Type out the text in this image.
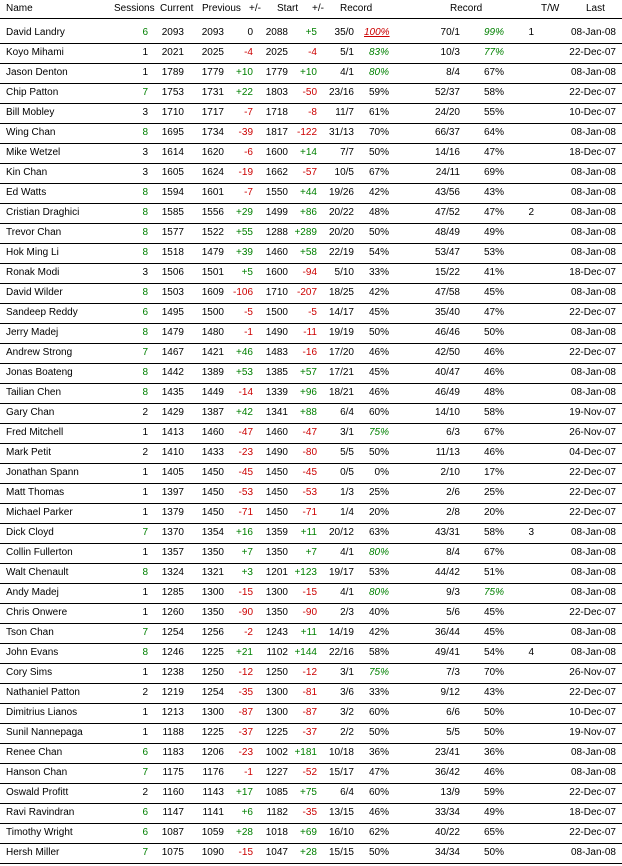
Name	Sessions Current Previous +/- Start +/- Record	Record	T/W	Last
David Landry	6	2093	2093	0	2088	+5	35/0 100%	70/1	99%	1	08-Jan-08
Koyo Mihami	1	2021	2025	-4	2025	-4	5/1	83%	10/3	77%	22-Dec-07
Jason Denton	1	1789	1779	+10	1779	+10	4/1	80%	8/4	67%	08-Jan-08
Chip Patton	7	1753	1731	+22	1803	-50	23/16	59%	52/37	58%	22-Dec-07
Bill Mobley	3	1710	1717	-7	1718	-8	11/7	61%	24/20	55%	10-Dec-07
Wing Chan	8	1695	1734	-39	1817 -122	31/13	70%	66/37	64%	08-Jan-08
Mike Wetzel	3	1614	1620	-6	1600	+14	7/7	50%	14/16	47%	18-Dec-07
Kin Chan	3	1605	1624	-19	1662	-57	10/5	67%	24/11	69%	08-Jan-08
Ed Watts	8	1594	1601	-7	1550	+44	19/26	42%	43/56	43%	08-Jan-08
Cristian Draghici	8	1585	1556	+29	1499	+86	20/22	48%	47/52	47%	2	08-Jan-08
Trevor Chan	8	1577	1522	+55	1288 +289	20/20	50%	48/49	49%	08-Jan-08
Hok Ming Li	8	1518	1479	+39	1460	+58	22/19	54%	53/47	53%	08-Jan-08
Ronak Modi	3	1506	1501	+5	1600	-94	5/10	33%	15/22	41%	18-Dec-07
David Wilder	8	1503	1609 -106	1710 -207	18/25	42%	47/58	45%	08-Jan-08
Sandeep Reddy	6	1495	1500	-5	1500	-5	14/17	45%	35/40	47%	22-Dec-07
Jerry Madej	8	1479	1480	-1	1490	-11	19/19	50%	46/46	50%	08-Jan-08
Andrew Strong	7	1467	1421	+46	1483	-16	17/20	46%	42/50	46%	22-Dec-07
Jonas Boateng	8	1442	1389	+53	1385	+57	17/21	45%	40/47	46%	08-Jan-08
Tailian Chen	8	1435	1449	-14	1339	+96	18/21	46%	46/49	48%	08-Jan-08
Gary Chan	2	1429	1387	+42	1341	+88	6/4	60%	14/10	58%	19-Nov-07
Fred Mitchell	1	1413	1460	-47	1460	-47	3/1	75%	6/3	67%	26-Nov-07
Mark Petit	2	1410	1433	-23	1490	-80	5/5	50%	11/13	46%	04-Dec-07
Jonathan Spann	1	1405	1450	-45	1450	-45	0/5	0%	2/10	17%	22-Dec-07
Matt Thomas	1	1397	1450	-53	1450	-53	1/3	25%	2/6	25%	22-Dec-07
Michael Parker	1	1379	1450	-71	1450	-71	1/4	20%	2/8	20%	22-Dec-07
Dick Cloyd	7	1370	1354	+16	1359	+11	20/12	63%	43/31	58%	3	08-Jan-08
Collin Fullerton	1	1357	1350	+7	1350	+7	4/1	80%	8/4	67%	08-Jan-08
Walt Chenault	8	1324	1321	+3	1201 +123	19/17	53%	44/42	51%	08-Jan-08
Andy Madej	1	1285	1300	-15	1300	-15	4/1	80%	9/3	75%	08-Jan-08
Chris Onwere	1	1260	1350	-90	1350	-90	2/3	40%	5/6	45%	22-Dec-07
Tson Chan	7	1254	1256	-2	1243	+11	14/19	42%	36/44	45%	08-Jan-08
John Evans	8	1246	1225	+21	1102 +144	22/16	58%	49/41	54%	4	08-Jan-08
Cory Sims	1	1238	1250	-12	1250	-12	3/1	75%	7/3	70%	26-Nov-07
Nathaniel Patton	2	1219	1254	-35	1300	-81	3/6	33%	9/12	43%	22-Dec-07
Dimitrius Lianos	1	1213	1300	-87	1300	-87	3/2	60%	6/6	50%	10-Dec-07
Sunil Nannepaga	1	1188	1225	-37	1225	-37	2/2	50%	5/5	50%	19-Nov-07
Renee Chan	6	1183	1206	-23	1002 +181	10/18	36%	23/41	36%	08-Jan-08
Hanson Chan	7	1175	1176	-1	1227	-52	15/17	47%	36/42	46%	08-Jan-08
Oswald Profitt	2	1160	1143	+17	1085	+75	6/4	60%	13/9	59%	22-Dec-07
Ravi Ravindran	6	1147	1141	+6	1182	-35	13/15	46%	33/34	49%	18-Dec-07
Timothy Wright	6	1087	1059	+28	1018	+69	16/10	62%	40/22	65%	22-Dec-07
Hersh Miller	7	1075	1090	-15	1047	+28	15/15	50%	34/34	50%	08-Jan-08
